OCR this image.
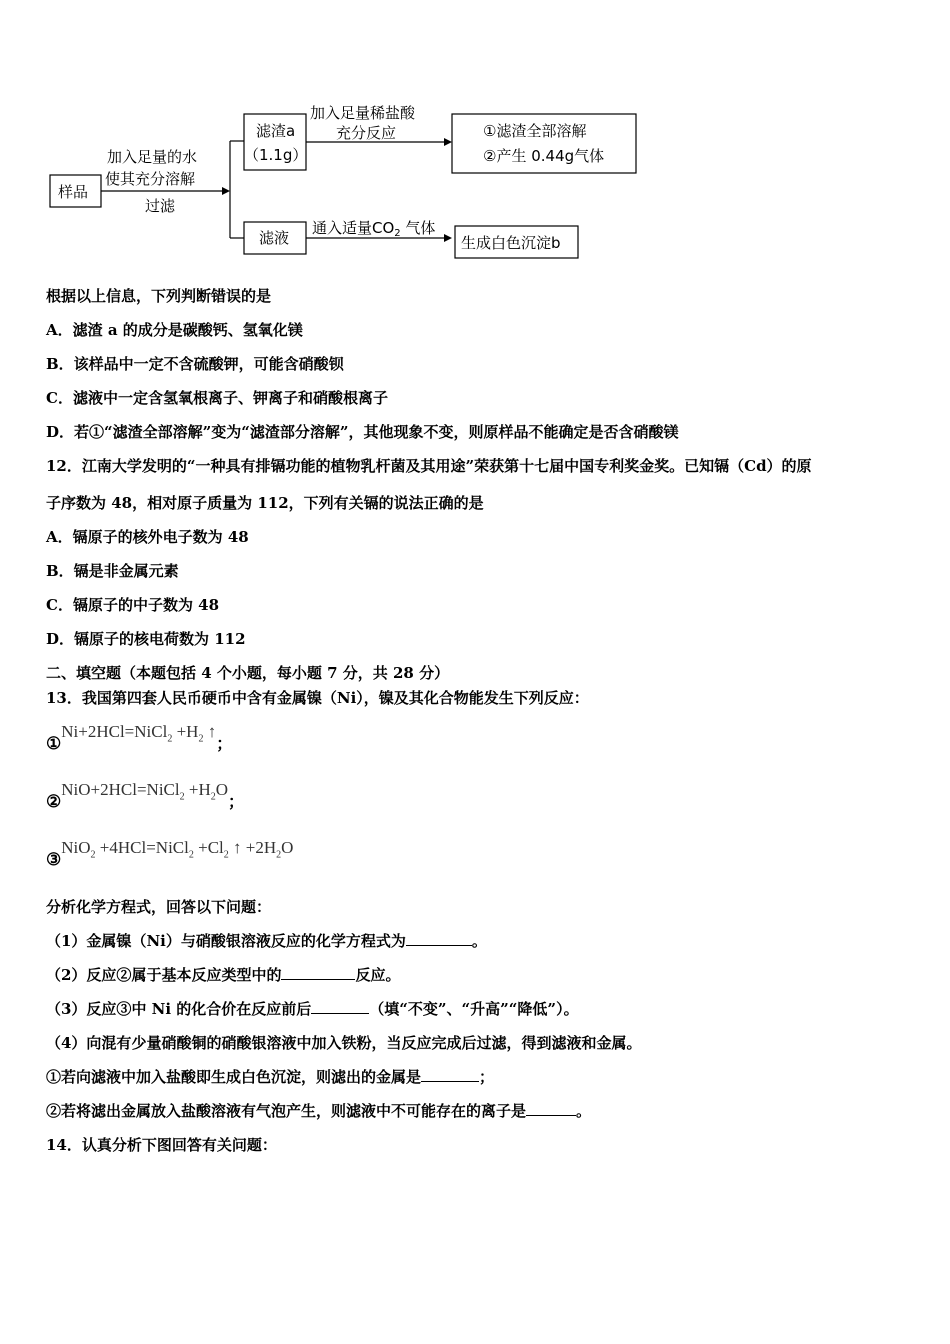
样品
加入足量的水
使其充分溶解
过滤
滤渣a
（1.1g）
加入足量稀盐酸
充分反应	①滤渣全部溶解
②产生 0.44g气体
滤液
通入适量$CO_2$ 气体
生成白色沉淀b
根据以上信息，下列判断错误的是
A．滤渣 a 的成分是碳酸钙、氢氧化镁
B．该样品中一定不含硫酸钾，可能含硝酸钡
C．滤液中一定含氢氧根离子、钾离子和硝酸根离子
D．若①“滤渣全部溶解”变为“滤渣部分溶解”，其他现象不变，则原样品不能确定是否含硝酸镁
12．江南大学发明的“一种具有排镉功能的植物乳杆菌及其用途”荣获第十七届中国专利奖金奖。已知镉（Cd）的原
子序数为 48，相对原子质量为 112，下列有关镉的说法正确的是
A．镉原子的核外电子数为 48
B．镉是非金属元素
C．镉原子的中子数为 48
D．镉原子的核电荷数为 112
二、填空题（本题包括 4 个小题，每小题 7 分，共 28 分）
13．我国第四套人民币硬币中含有金属镍（Ni），镍及其化合物能发生下列反应：
①Ni+2HCl=NiCl$_2$ $+H_2$ ↑；
②NiO+2HCl=NiCl$_2$ $+H_2O$；
③NiO$_2$ +4HCl=NiCl$_2$ $+Cl_2$ ↑ $+2H_2O$
分析化学方程式，回答以下问题：
（1）金属镍（Ni）与硝酸银溶液反应的化学方程式为	。
（2）反应②属于基本反应类型中的	反应。
（3）反应③中 Ni 的化合价在反应前后	（填“不变”、“升高”“降低”）。
（4）向混有少量硝酸铜的硝酸银溶液中加入铁粉，当反应完成后过滤，得到滤液和金属。
①若向滤液中加入盐酸即生成白色沉淀，则滤出的金属是	；
②若将滤出金属放入盐酸溶液有气泡产生，则滤液中不可能存在的离子是	。
14．认真分析下图回答有关问题：
